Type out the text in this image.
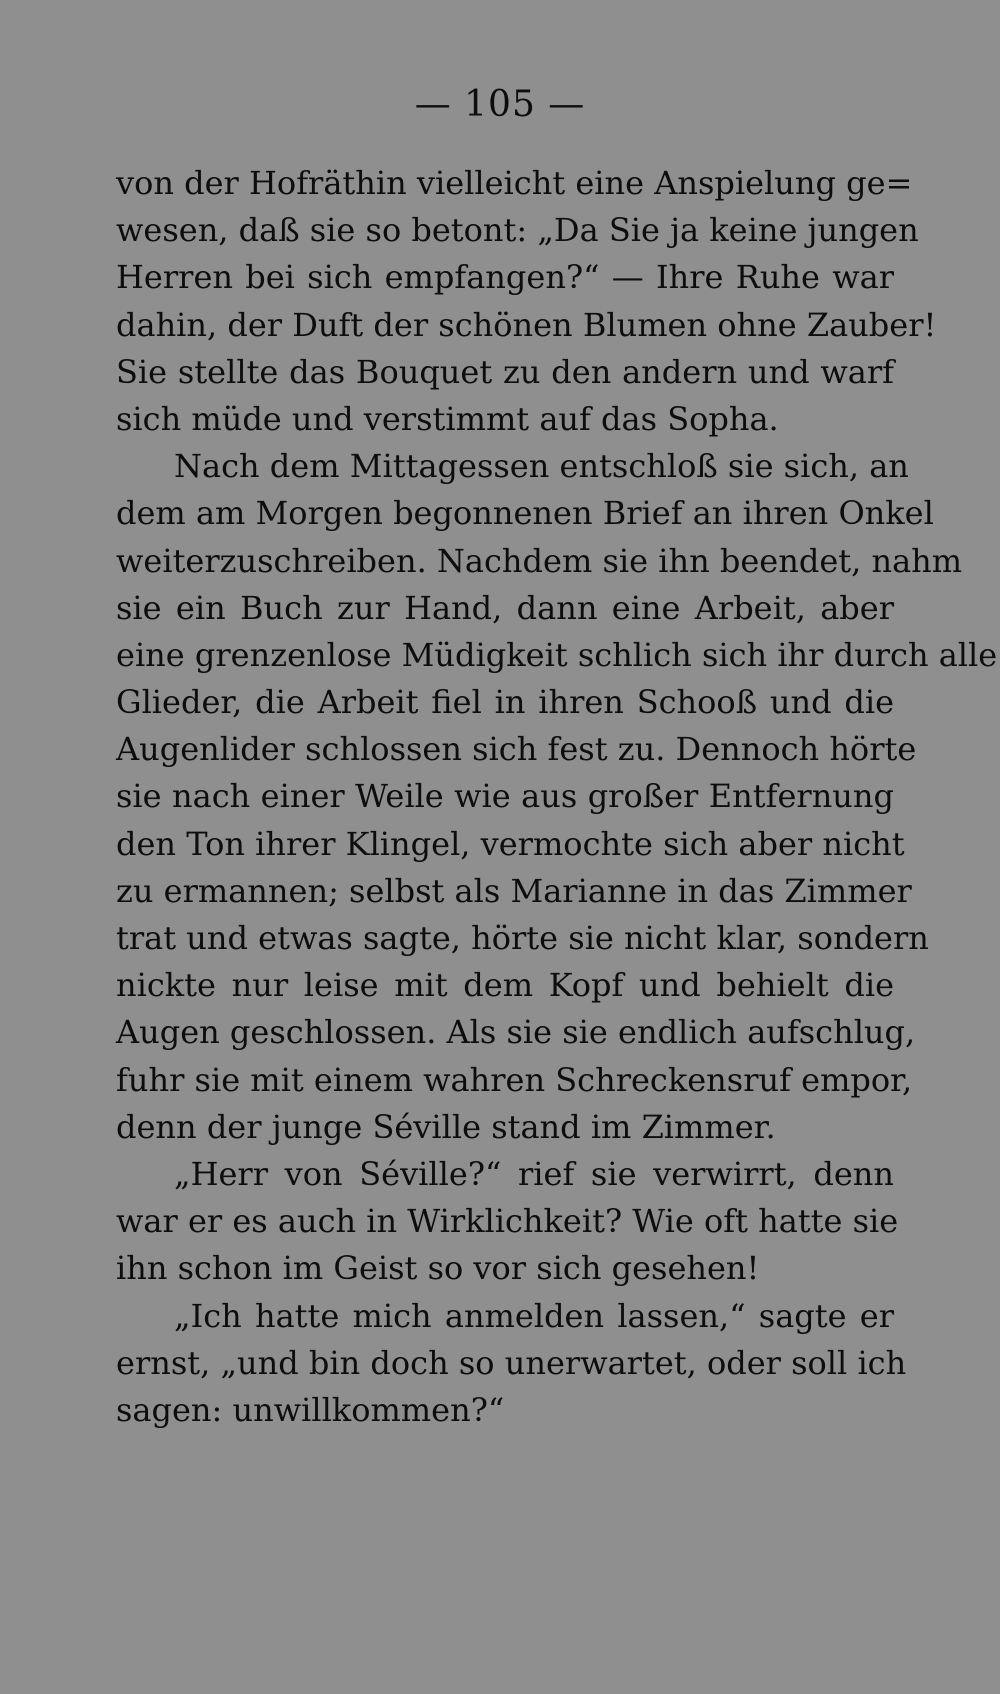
— 105 —
von der Hofräthin vielleicht eine Anspielung ge=
wesen, daß sie so betont: „Da Sie ja keine jungen
Herren bei sich empfangen?“ — Ihre Ruhe war
dahin, der Duft der schönen Blumen ohne Zauber!
Sie stellte das Bouquet zu den andern und warf
sich müde und verstimmt auf das Sopha.
Nach dem Mittagessen entschloß sie sich, an
dem am Morgen begonnenen Brief an ihren Onkel
weiterzuschreiben. Nachdem sie ihn beendet, nahm
sie ein Buch zur Hand, dann eine Arbeit, aber
eine grenzenlose Müdigkeit schlich sich ihr durch alle
Glieder, die Arbeit fiel in ihren Schooß und die
Augenlider schlossen sich fest zu. Dennoch hörte
sie nach einer Weile wie aus großer Entfernung
den Ton ihrer Klingel, vermochte sich aber nicht
zu ermannen; selbst als Marianne in das Zimmer
trat und etwas sagte, hörte sie nicht klar, sondern
nickte nur leise mit dem Kopf und behielt die
Augen geschlossen. Als sie sie endlich aufschlug,
fuhr sie mit einem wahren Schreckensruf empor,
denn der junge Séville stand im Zimmer.
„Herr von Séville?“ rief sie verwirrt, denn
war er es auch in Wirklichkeit? Wie oft hatte sie
ihn schon im Geist so vor sich gesehen!
„Ich hatte mich anmelden lassen,“ sagte er
ernst, „und bin doch so unerwartet, oder soll ich
sagen: unwillkommen?“
